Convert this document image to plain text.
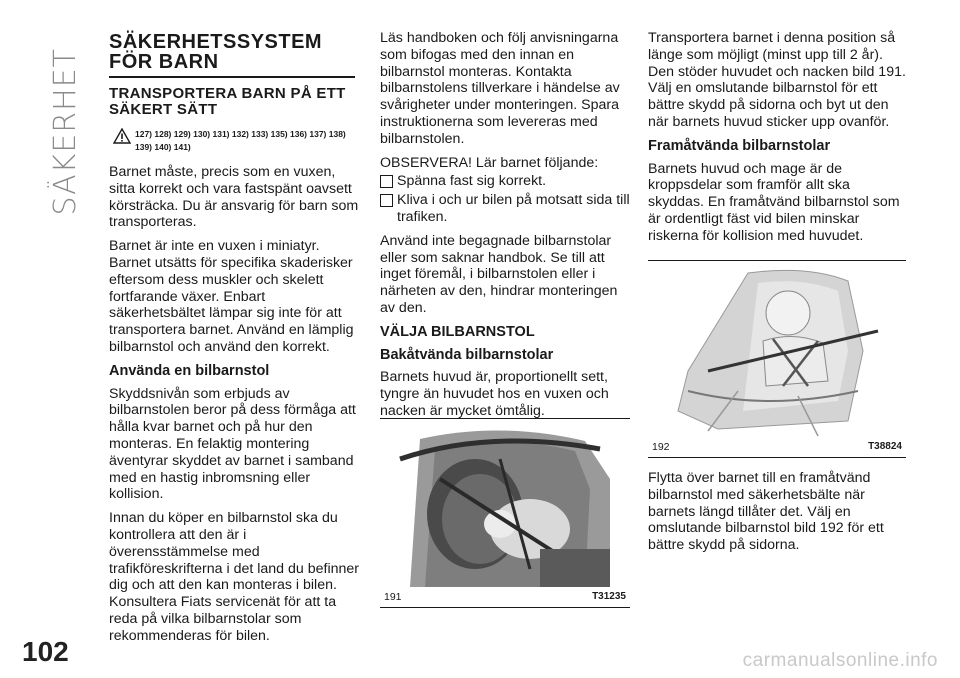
SÄKERHET
102	carmanualsonline.info
SÄKERHETSSYSTEM FÖR BARN
TRANSPORTERA BARN PÅ ETT SÄKERT SÄTT
127) 128) 129) 130) 131) 132) 133) 135) 136) 137) 138) 139) 140) 141)

Barnet måste, precis som en vuxen, sitta korrekt och vara fastspänt oavsett körsträcka. Du är ansvarig för barn som transporteras.

Barnet är inte en vuxen i miniatyr. Barnet utsätts för specifika skaderisker eftersom dess muskler och skelett fortfarande växer. Enbart säkerhetsbältet lämpar sig inte för att transportera barnet. Använd en lämplig bilbarnstol och använd den korrekt.

Använda en bilbarnstol

Skyddsnivån som erbjuds av bilbarnstolen beror på dess förmåga att hålla kvar barnet och på hur den monteras. En felaktig montering äventyrar skyddet av barnet i samband med en hastig inbromsning eller kollision.

Innan du köper en bilbarnstol ska du kontrollera att den är i överensstämmelse med trafikföreskrifterna i det land du befinner dig och att den kan monteras i bilen. Konsultera Fiats servicenät för att ta reda på vilka bilbarnstolar som rekommenderas för bilen.

Läs handboken och följ anvisningarna som bifogas med den innan en bilbarnstol monteras. Kontakta bilbarnstolens tillverkare i händelse av svårigheter under monteringen. Spara instruktionerna som levereras med bilbarnstolen.

OBSERVERA! Lär barnet följande:

Spänna fast sig korrekt.
Kliva i och ur bilen på motsatt sida till trafiken.

Använd inte begagnade bilbarnstolar eller som saknar handbok. Se till att inget föremål, i bilbarnstolen eller i närheten av den, hindrar monteringen av den.

VÄLJA BILBARNSTOL
Bakåtvända bilbarnstolar

Barnets huvud är, proportionellt sett, tyngre än huvudet hos en vuxen och nacken är mycket ömtålig.

191	T31235

Transportera barnet i denna position så länge som möjligt (minst upp till 2 år). Den stöder huvudet och nacken bild 191. Välj en omslutande bilbarnstol för ett bättre skydd på sidorna och byt ut den när barnets huvud sticker upp ovanför.

Framåtvända bilbarnstolar

Barnets huvud och mage är de kroppsdelar som framför allt ska skyddas. En framåtvänd bilbarnstol som är ordentligt fäst vid bilen minskar riskerna för kollision med huvudet.

192	T38824

Flytta över barnet till en framåtvänd bilbarnstol med säkerhetsbälte när barnets längd tillåter det. Välj en omslutande bilbarnstol bild 192 för ett bättre skydd på sidorna.
